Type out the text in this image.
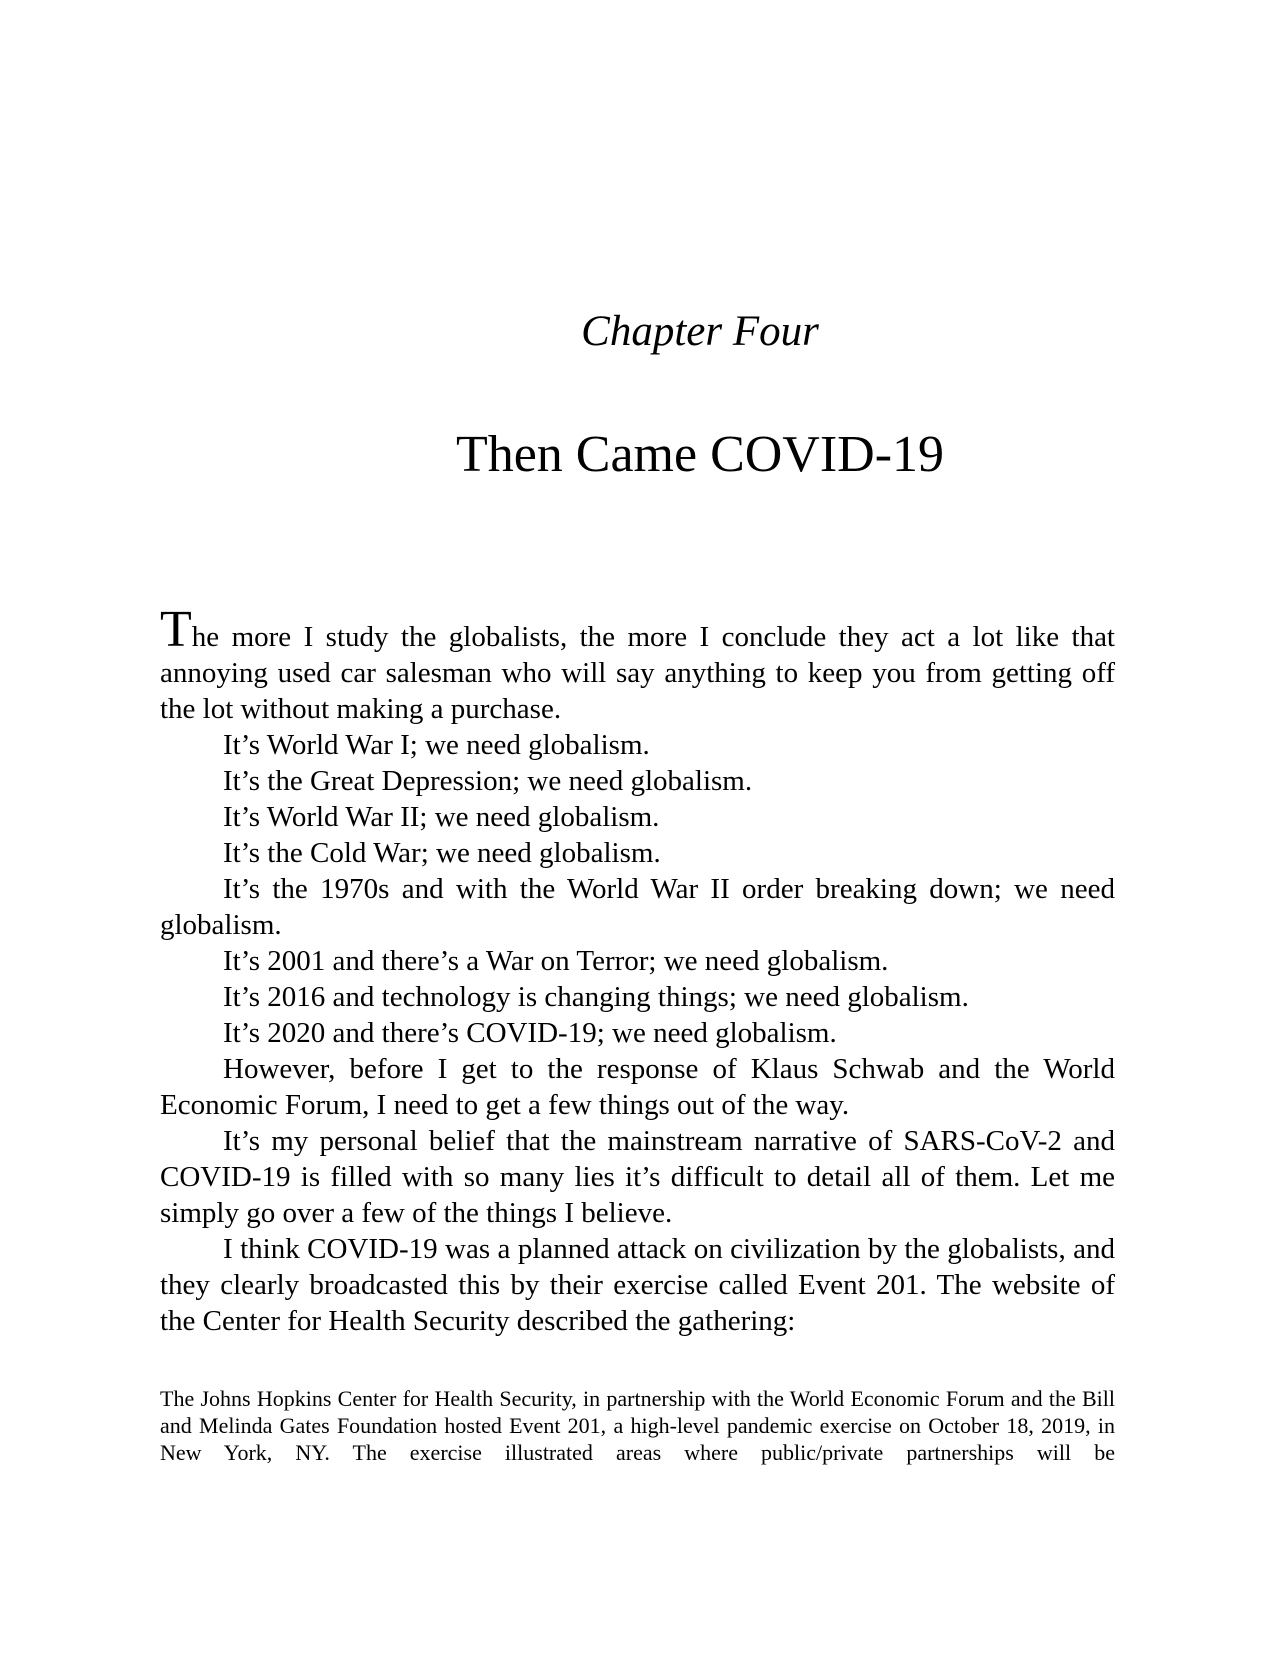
Chapter Four
Then Came COVID-19

The more I study the globalists, the more I conclude they act a lot like that annoying used car salesman who will say anything to keep you from getting off the lot without making a purchase.

It’s World War I; we need globalism.

It’s the Great Depression; we need globalism.

It’s World War II; we need globalism.

It’s the Cold War; we need globalism.

It’s the 1970s and with the World War II order breaking down; we need globalism.

It’s 2001 and there’s a War on Terror; we need globalism.

It’s 2016 and technology is changing things; we need globalism.

It’s 2020 and there’s COVID-19; we need globalism.

However, before I get to the response of Klaus Schwab and the World Economic Forum, I need to get a few things out of the way.

It’s my personal belief that the mainstream narrative of SARS-CoV-2 and COVID-19 is filled with so many lies it’s difficult to detail all of them. Let me simply go over a few of the things I believe.

I think COVID-19 was a planned attack on civilization by the globalists, and they clearly broadcasted this by their exercise called Event 201. The website of the Center for Health Security described the gathering:

The Johns Hopkins Center for Health Security, in partnership with the World Economic Forum and the Bill and Melinda Gates Foundation hosted Event 201, a high-level pandemic exercise on October 18, 2019, in New York, NY. The exercise illustrated areas where public/private partnerships will be
